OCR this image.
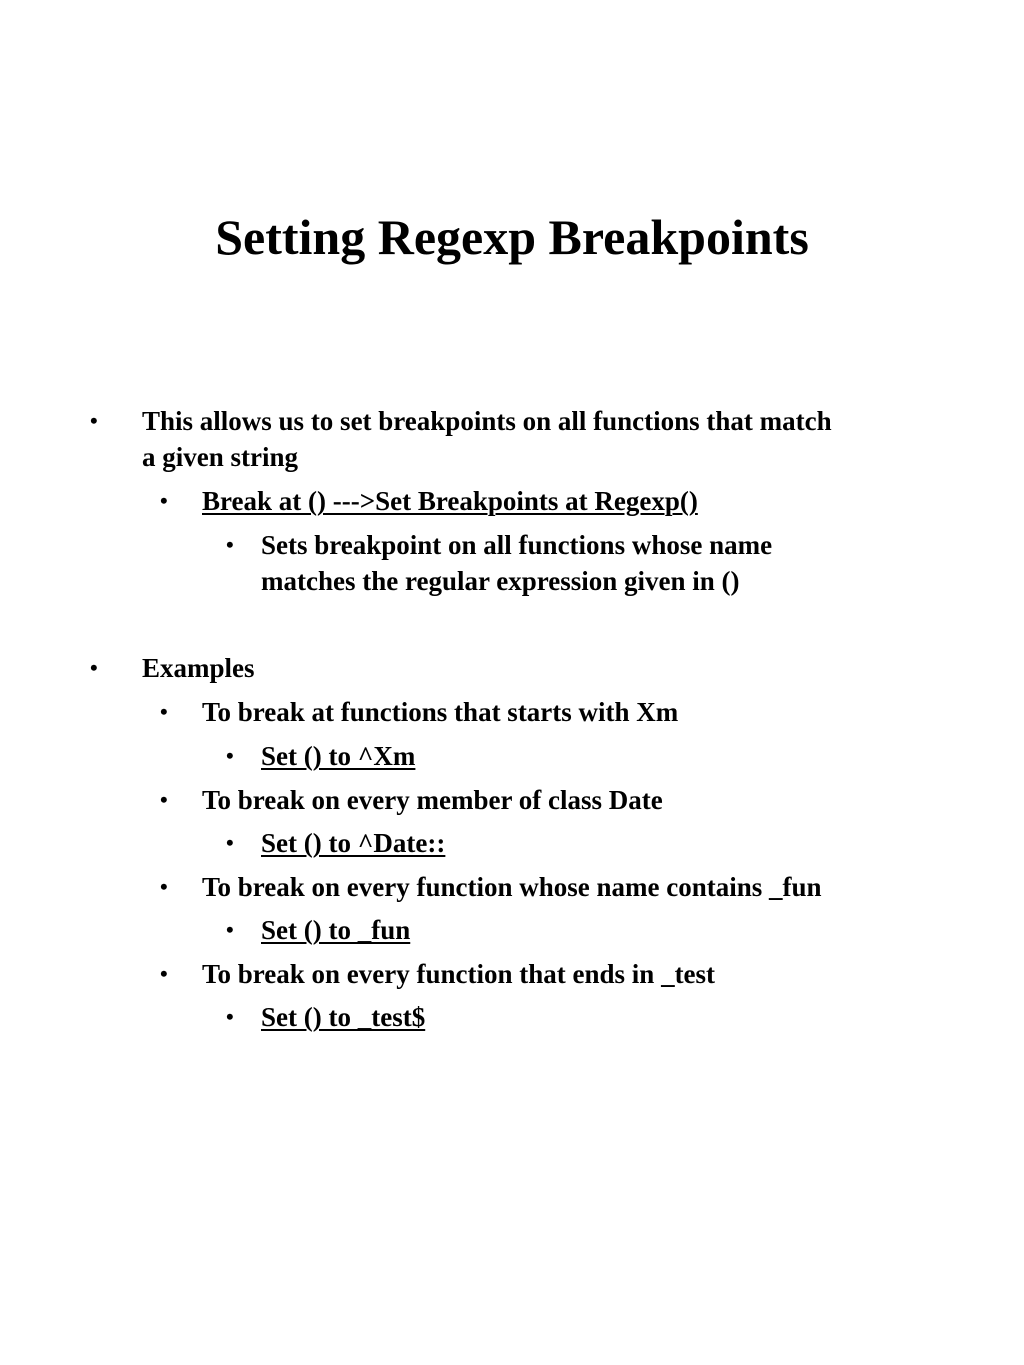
Setting Regexp Breakpoints
• This allows us to set breakpoints on all functions that match
a given string
• Break at () --->Set Breakpoints at Regexp()
• Sets breakpoint on all functions whose name
matches the regular expression given in ()
• Examples
• To break at functions that starts with Xm
• Set () to ^Xm
• To break on every member of class Date
• Set () to ^Date::
• To break on every function whose name contains _fun
• Set () to _fun
• To break on every function that ends in _test
• Set () to _test$
